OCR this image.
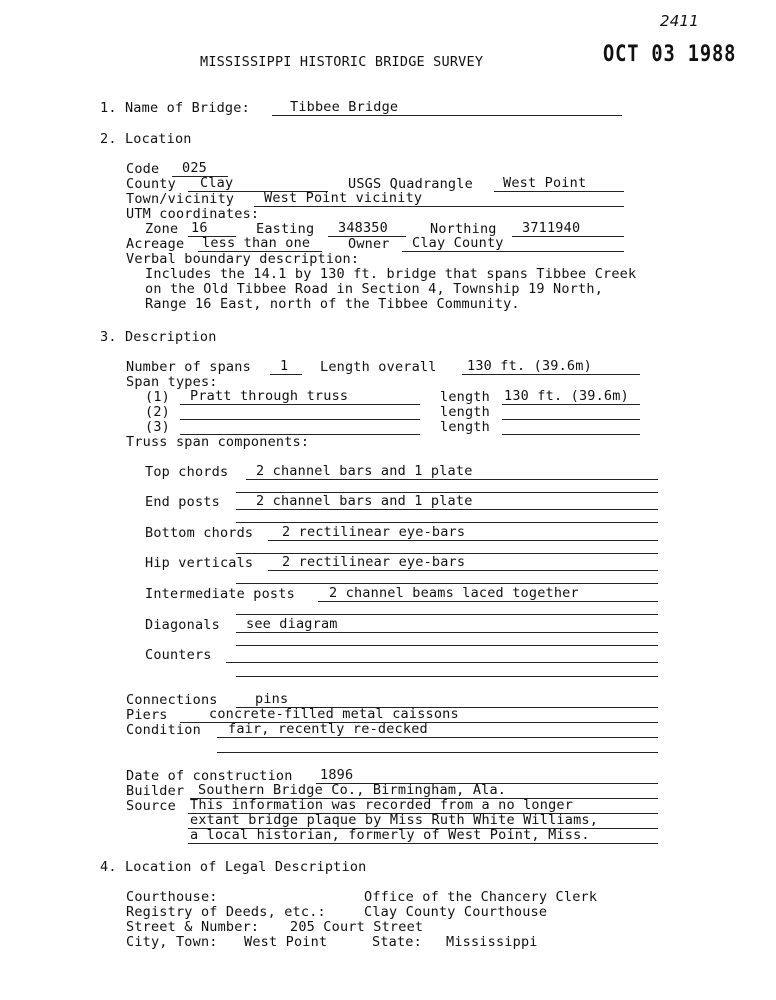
2411
OCT 03 1988
MISSISSIPPI HISTORIC BRIDGE SURVEY
1. Name of Bridge:	Tibbee Bridge
2. Location
Code 025
County Clay	USGS Quadrangle West Point
Town/vicinity West Point vicinity
UTM coordinates:
Zone 16	Easting 348350	Northing 3711940
Acreage less than one	Owner Clay County
Verbal boundary description:
Includes the 14.1 by 130 ft. bridge that spans Tibbee Creek
on the Old Tibbee Road in Section 4, Township 19 North,
Range 16 East, north of the Tibbee Community.
3. Description
Number of spans 1 Length overall 130 ft. (39.6m)
Span types:
(1) Pratt through truss	length 130 ft. (39.6m)
(2)	length
(3)	length
Truss span components:
Top chords 2 channel bars and 1 plate
End posts	2 channel bars and 1 plate
Bottom chords 2 rectilinear eye-bars
Hip verticals 2 rectilinear eye-bars
Intermediate posts	2 channel beams laced together
Diagonals see diagram
Counters
Connections	pins
Piers	concrete-filled metal caissons
Condition fair, recently re-decked
Date of construction 1896
Builder Southern Bridge Co., Birmingham, Ala.
Source This information was recorded from a no longer
extant bridge plaque by Miss Ruth White Williams,
a local historian, formerly of West Point, Miss.
4. Location of Legal Description
Courthouse:	Office of the Chancery Clerk
Registry of Deeds, etc.:	Clay County Courthouse
Street & Number: 205 Court Street
City, Town: West Point	State: Mississippi
